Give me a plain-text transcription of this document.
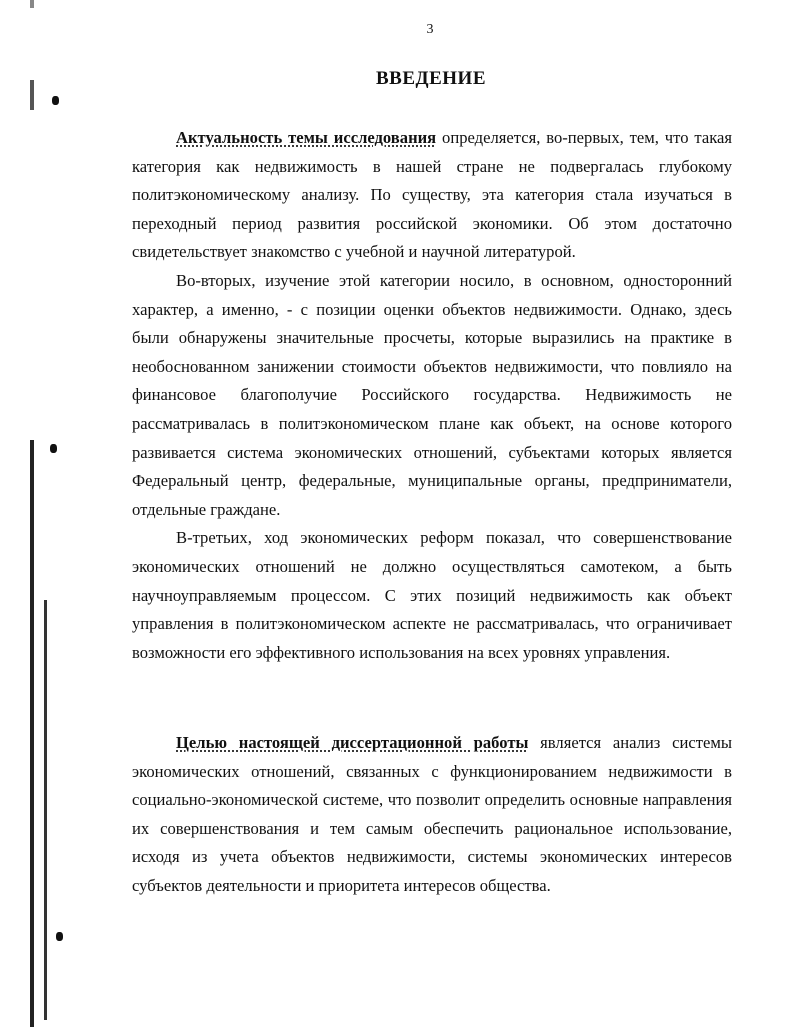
3
ВВЕДЕНИЕ

Актуальность темы исследования определяется, во-первых, тем, что такая категория как недвижимость в нашей стране не подвергалась глубокому политэкономическому анализу. По существу, эта категория стала изучаться в переходный период развития российской экономики. Об этом достаточно свидетельствует знакомство с учебной и научной литературой.

Во-вторых, изучение этой категории носило, в основном, односторонний характер, а именно, - с позиции оценки объектов недвижимости. Однако, здесь были обнаружены значительные просчеты, которые выразились на практике в необоснованном занижении стоимости объектов недвижимости, что повлияло на финансовое благополучие Российского государства. Недвижимость не рассматривалась в политэкономическом плане как объект, на основе которого развивается система экономических отношений, субъектами которых является Федеральный центр, федеральные, муниципальные органы, предприниматели, отдельные граждане.

В-третьих, ход экономических реформ показал, что совершенствование экономических отношений не должно осуществляться самотеком, а быть научноуправляемым процессом. С этих позиций недвижимость как объект управления в политэкономическом аспекте не рассматривалась, что ограничивает возможности его эффективного использования на всех уровнях управления.

Целью настоящей диссертационной работы является анализ системы экономических отношений, связанных с функционированием недвижимости в социально-экономической системе, что позволит определить основные направления их совершенствования и тем самым обеспечить рациональное использование, исходя из учета объектов недвижимости, системы экономических интересов субъектов деятельности и приоритета интересов общества.
